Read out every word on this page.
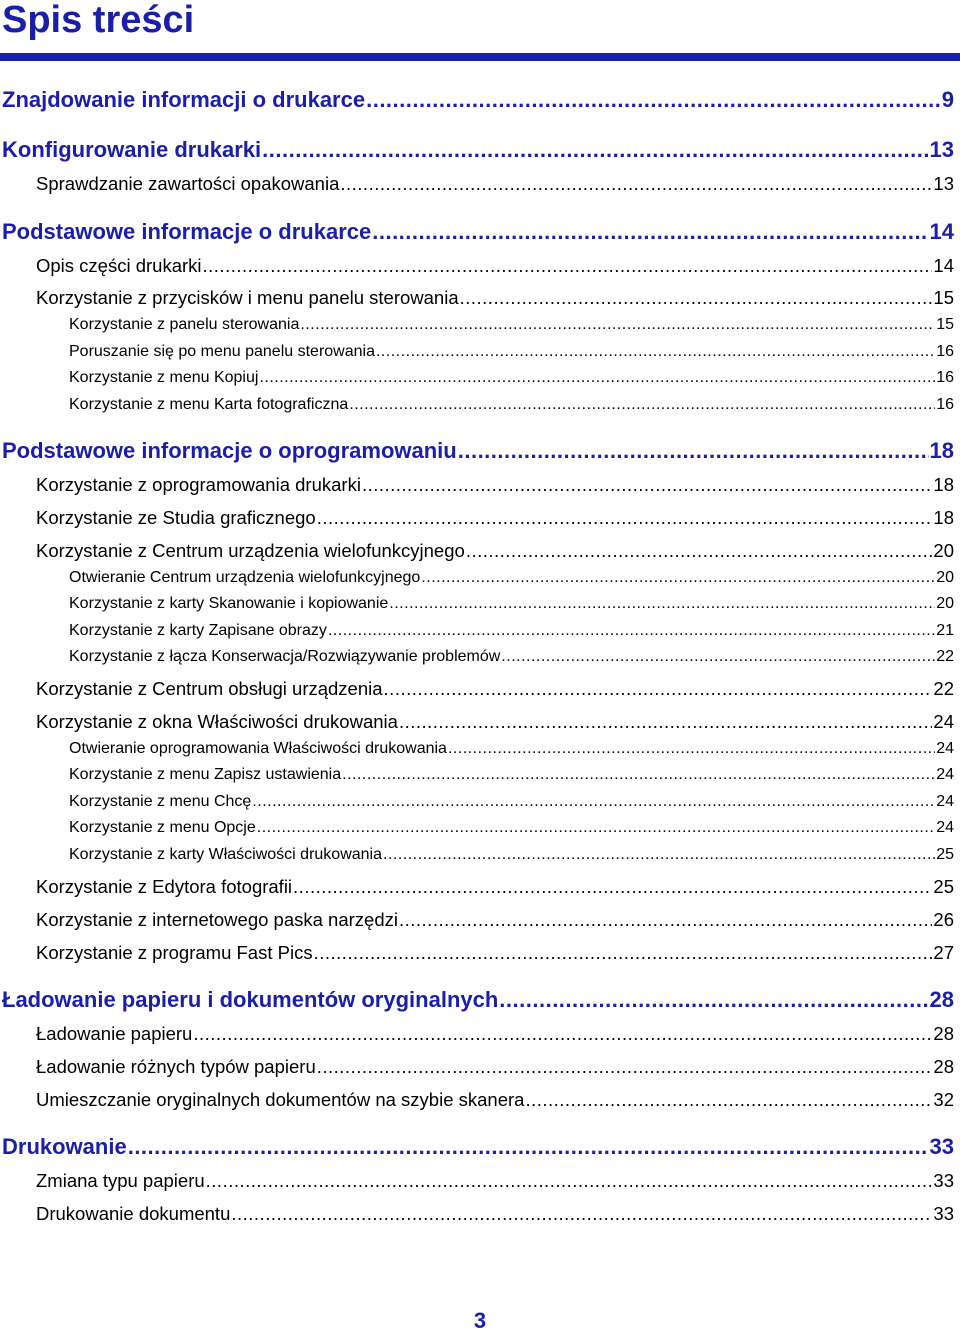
Spis treści
Znajdowanie informacji o drukarce .....	9
Konfigurowanie drukarki .....	13
Sprawdzanie zawartości opakowania .....	13
Podstawowe informacje o drukarce .....	14
Opis części drukarki .....	14
Korzystanie z przycisków i menu panelu sterowania .....	15
Korzystanie z panelu sterowania .....	15
Poruszanie się po menu panelu sterowania .....	16
Korzystanie z menu Kopiuj .....	16
Korzystanie z menu Karta fotograficzna .....	16
Podstawowe informacje o oprogramowaniu .....	18
Korzystanie z oprogramowania drukarki .....	18
Korzystanie ze Studia graficznego .....	18
Korzystanie z Centrum urządzenia wielofunkcyjnego .....	20
Otwieranie Centrum urządzenia wielofunkcyjnego .....	20
Korzystanie z karty Skanowanie i kopiowanie .....	20
Korzystanie z karty Zapisane obrazy .....	21
Korzystanie z łącza Konserwacja/Rozwiązywanie problemów .....	22
Korzystanie z Centrum obsługi urządzenia .....	22
Korzystanie z okna Właściwości drukowania .....	24
Otwieranie oprogramowania Właściwości drukowania .....	24
Korzystanie z menu Zapisz ustawienia .....	24
Korzystanie z menu Chcę .....	24
Korzystanie z menu Opcje .....	24
Korzystanie z karty Właściwości drukowania .....	25
Korzystanie z Edytora fotografii .....	25
Korzystanie z internetowego paska narzędzi .....	26
Korzystanie z programu Fast Pics .....	27
Ładowanie papieru i dokumentów oryginalnych .....	28
Ładowanie papieru .....	28
Ładowanie różnych typów papieru .....	28
Umieszczanie oryginalnych dokumentów na szybie skanera .....	32
Drukowanie .....	33
Zmiana typu papieru .....	33
Drukowanie dokumentu .....	33
3
